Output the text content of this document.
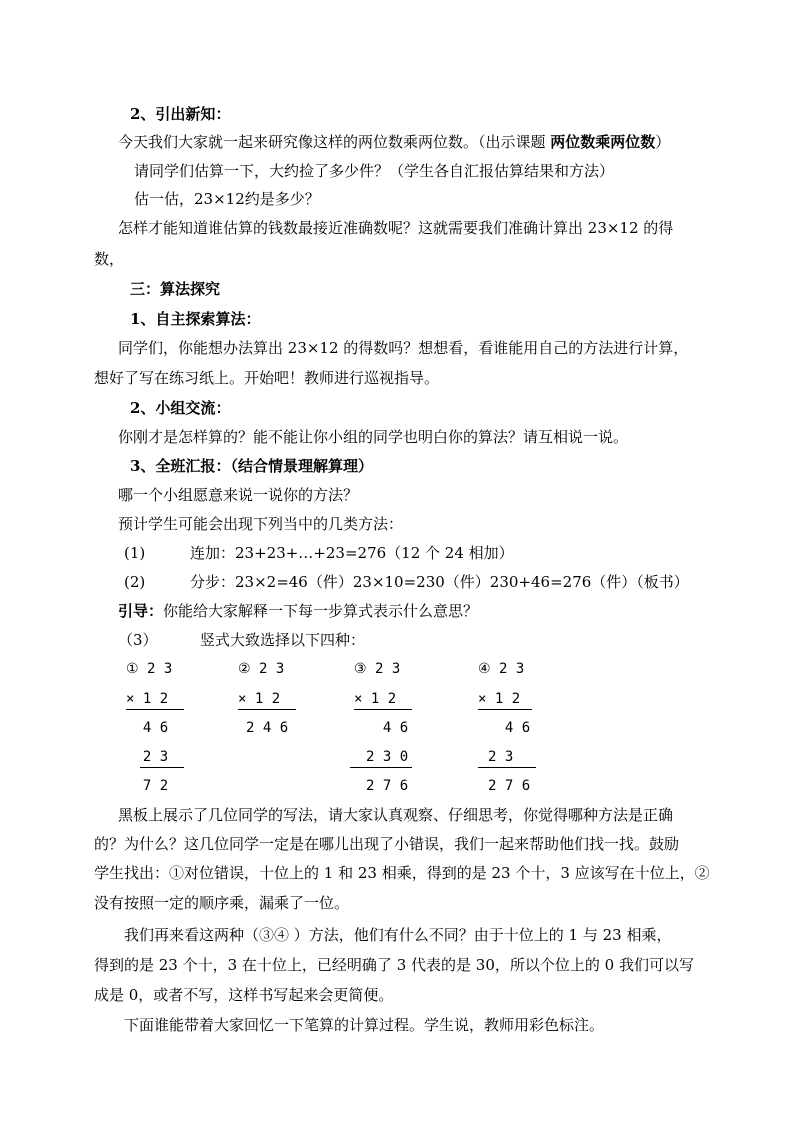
2、引出新知：
今天我们大家就一起来研究像这样的两位数乘两位数。（出示课题 两位数乘两位数）
请同学们估算一下，大约捡了多少件？（学生各自汇报估算结果和方法）
估一估，23×12约是多少？
怎样才能知道谁估算的钱数最接近准确数呢？这就需要我们准确计算出 23×12 的得
数，
三：算法探究
1、自主探索算法：
同学们，你能想办法算出 23×12 的得数吗？想想看，看谁能用自己的方法进行计算，
想好了写在练习纸上。开始吧！教师进行巡视指导。
2、小组交流：
你刚才是怎样算的？能不能让你小组的同学也明白你的算法？请互相说一说。
3、全班汇报：（结合情景理解算理）
哪一个小组愿意来说一说你的方法？
预计学生可能会出现下列当中的几类方法：
(1)	连加：23+23+…+23=276（12 个 24 相加）
(2)	分步：23×2=46（件）23×10=230（件）230+46=276（件）（板书）
引导：你能给大家解释一下每一步算式表示什么意思？
（3）	竖式大致选择以下四种：
① 2 3
× 1 2
4 6
2 3
7 2
② 2 3
× 1 2
2 4 6
③ 2 3
× 1 2
4 6
2 3 0
2 7 6
④ 2 3
× 1 2
4 6
2 3
2 7 6
黑板上展示了几位同学的写法，请大家认真观察、仔细思考，你觉得哪种方法是正确
的？为什么？这几位同学一定是在哪儿出现了小错误，我们一起来帮助他们找一找。鼓励
学生找出：①对位错误，十位上的 1 和 23 相乘，得到的是 23 个十，3 应该写在十位上，②
没有按照一定的顺序乘，漏乘了一位。
我们再来看这两种（③④ ）方法，他们有什么不同？由于十位上的 1 与 23 相乘，
得到的是 23 个十，3 在十位上，已经明确了 3 代表的是 30，所以个位上的 0 我们可以写
成是 0，或者不写，这样书写起来会更简便。
下面谁能带着大家回忆一下笔算的计算过程。学生说，教师用彩色标注。
